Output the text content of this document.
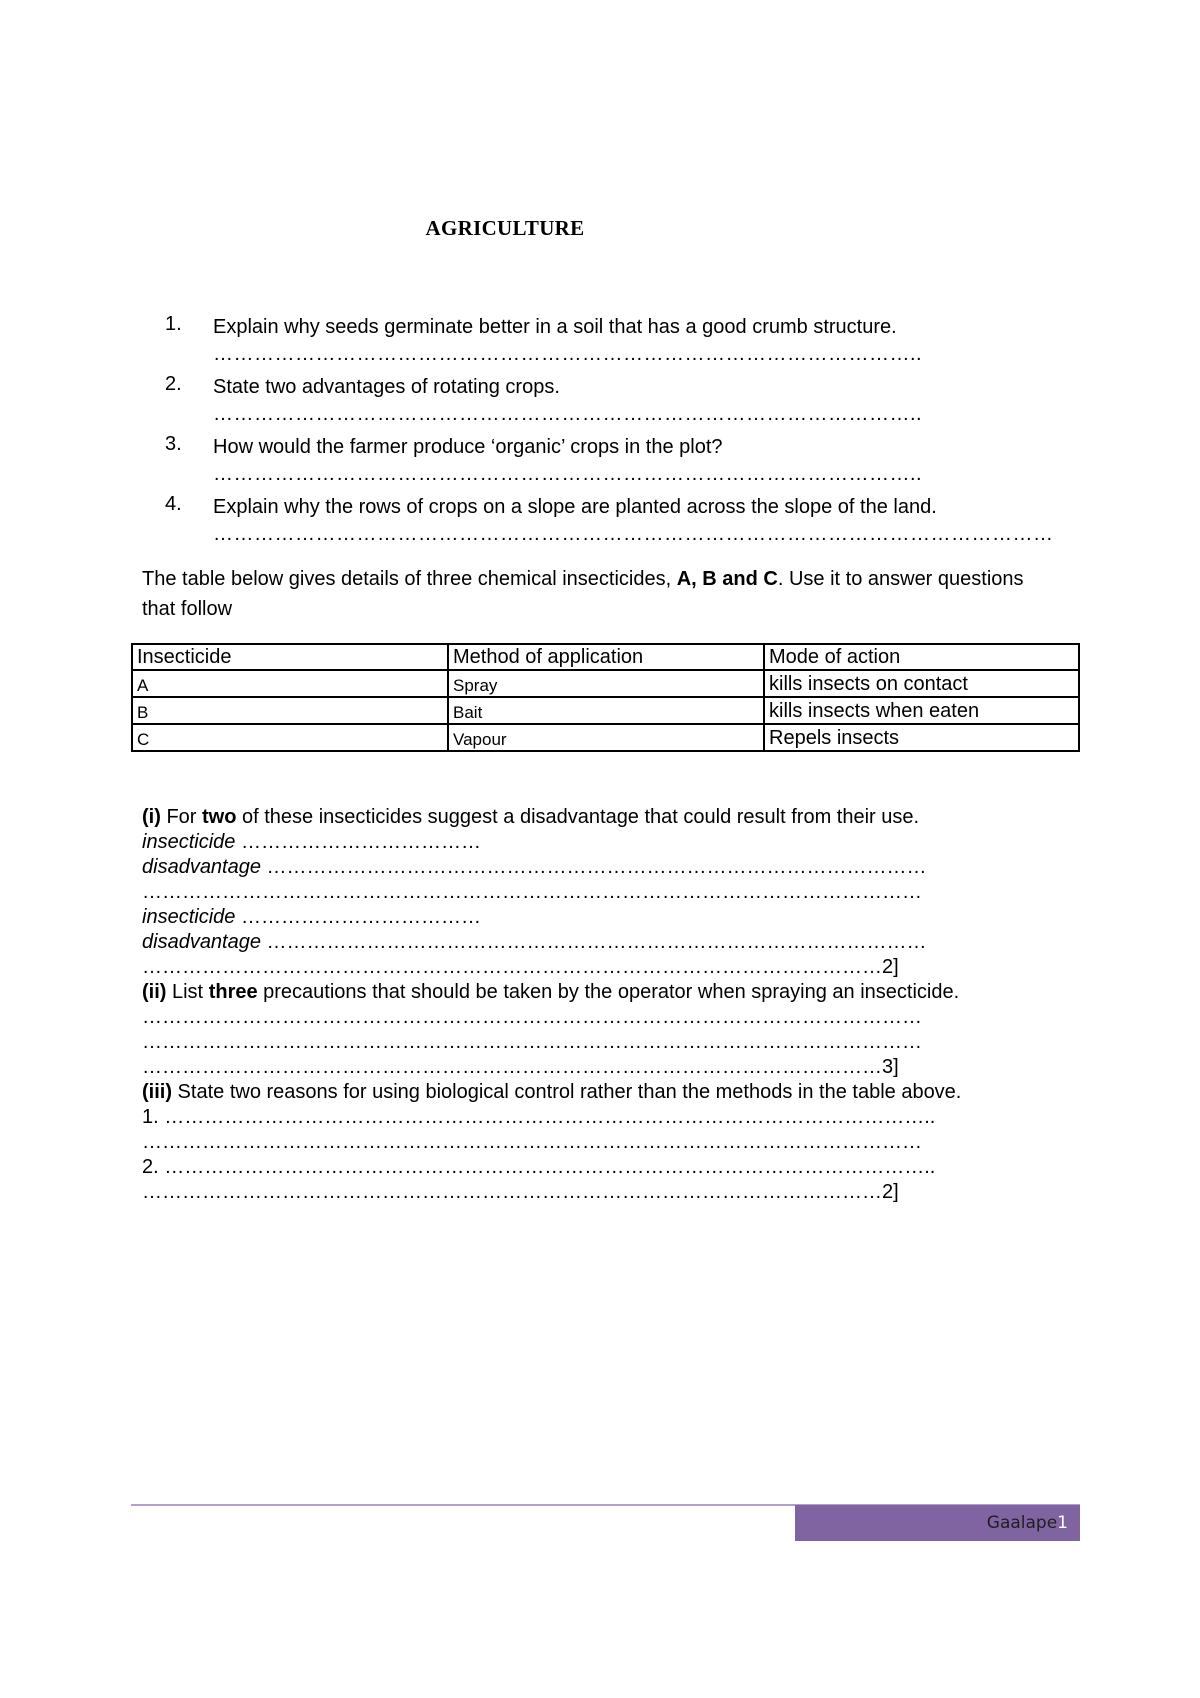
AGRICULTURE
1. Explain why seeds germinate better in a soil that has a good crumb structure.
…………………………………………………………………………………………..
2. State two advantages of rotating crops.
…………………………………………………………………………………………..
3. How would the farmer produce ‘organic’ crops in the plot?
…………………………………………………………………………………………..
4. Explain why the rows of crops on a slope are planted across the slope of the land.
……………………………………………………………………………………………………………
The table below gives details of three chemical insecticides, A, B and C. Use it to answer questions that follow
Insecticide	Method of application	Mode of action
A	Spray	kills insects on contact
B	Bait	kills insects when eaten
C	Vapour	Repels insects
(i) For two of these insecticides suggest a disadvantage that could result from their use.
insecticide ………………………………
disadvantage ………………………………………………………………………………………
………………………………………………………………………………………………………
insecticide ………………………………
disadvantage ………………………………………………………………………………………
…………………………………………………………………………………………………2]
(ii) List three precautions that should be taken by the operator when spraying an insecticide.
………………………………………………………………………………………………………
………………………………………………………………………………………………………
…………………………………………………………………………………………………3]
(iii) State two reasons for using biological control rather than the methods in the table above.
1. ……………………………………………………………………………………………………..
………………………………………………………………………………………………………
2. ……………………………………………………………………………………………………..
…………………………………………………………………………………………………2]
Gaalape 1
